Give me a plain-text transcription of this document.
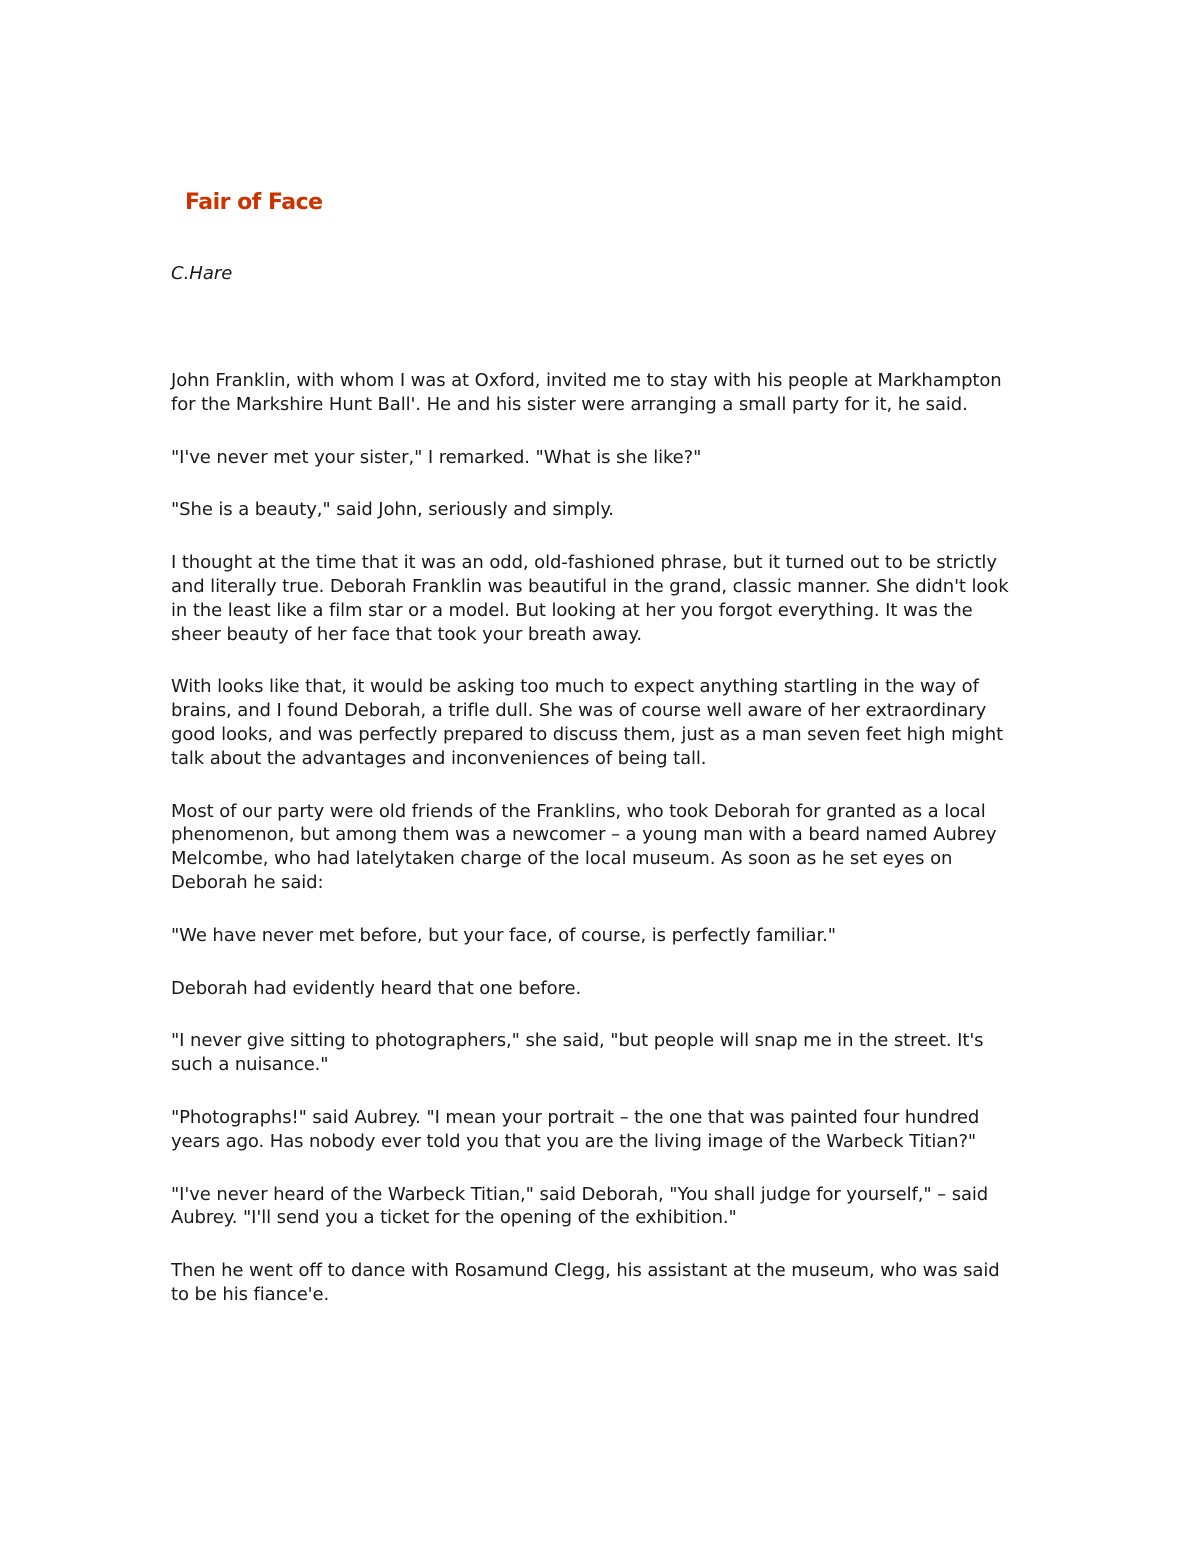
Fair of Face

C.Hare

John Franklin, with whom I was at Oxford, invited me to stay with his people at Markhampton for the Markshire Hunt Ball'. He and his sister were arranging a small party for it, he said.

"I've never met your sister," I remarked. "What is she like?"

"She is a beauty," said John, seriously and simply.

I thought at the time that it was an odd, old-fashioned phrase, but it turned out to be strictly and literally true. Deborah Franklin was beautiful in the grand, classic manner. She didn't look in the least like a film star or a model. But looking at her you forgot everything. It was the sheer beauty of her face that took your breath away.

With looks like that, it would be asking too much to expect anything startling in the way of brains, and I found Deborah, a trifle dull. She was of course well aware of her extraordinary good looks, and was perfectly prepared to discuss them, just as a man seven feet high might talk about the advantages and inconveniences of being tall.

Most of our party were old friends of the Franklins, who took Deborah for granted as a local phenomenon, but among them was a newcomer – a young man with a beard named Aubrey Melcombe, who had latelytaken charge of the local museum. As soon as he set eyes on Deborah he said:

"We have never met before, but your face, of course, is perfectly familiar."

Deborah had evidently heard that one before.

"I never give sitting to photographers," she said, "but people will snap me in the street. It's such a nuisance."

"Photographs!" said Aubrey. "I mean your portrait – the one that was painted four hundred years ago. Has nobody ever told you that you are the living image of the Warbeck Titian?"

"I've never heard of the Warbeck Titian," said Deborah, "You shall judge for yourself," – said Aubrey. "I'll send you a ticket for the opening of the exhibition."

Then he went off to dance with Rosamund Clegg, his assistant at the museum, who was said to be his fiance'e.
